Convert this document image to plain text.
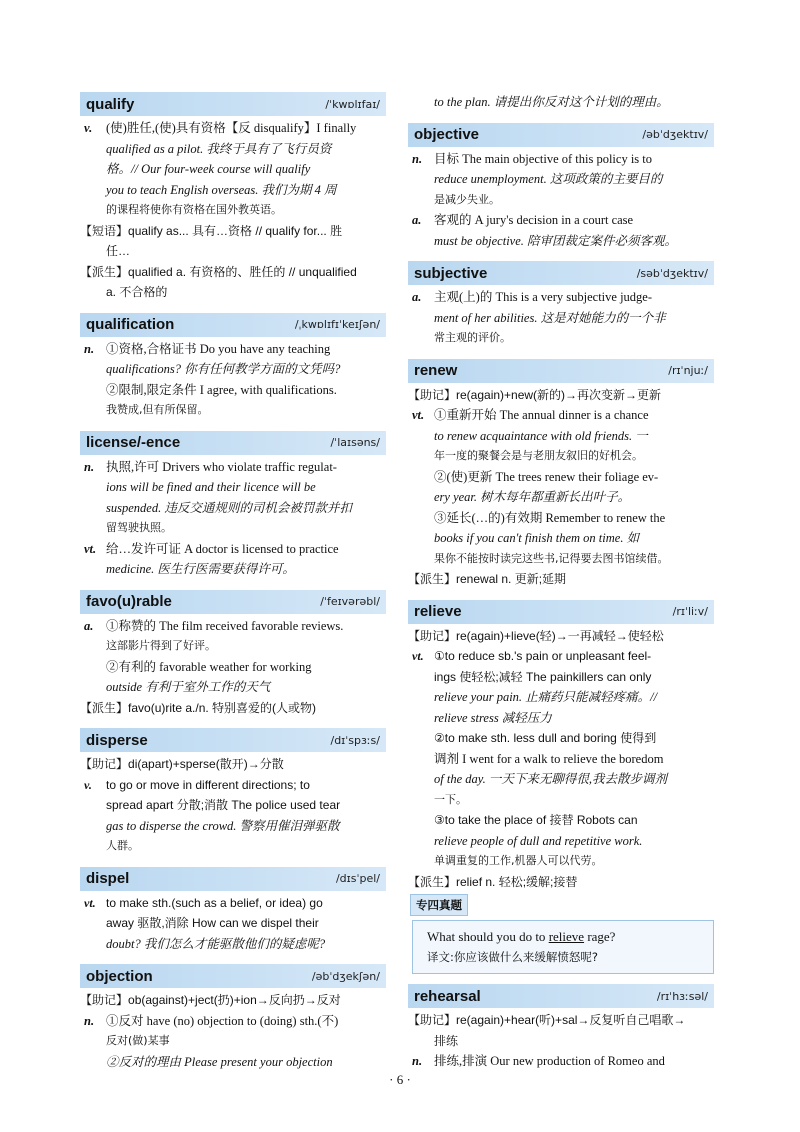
qualify	/ˈkwɒlɪfaɪ/
v. (使)胜任,(使)具有资格【反 disqualify】I finally
qualified as a pilot. 我终于具有了飞行员资
格。// Our four-week course will qualify
you to teach English overseas. 我们为期 4 周
的课程将使你有资格在国外教英语。
【短语】qualify as... 具有…资格 // qualify for... 胜
任…
【派生】qualified a. 有资格的、胜任的 // unqualified
a. 不合格的
qualification	/ˌkwɒlɪfɪˈkeɪʃən/
n. ①资格,合格证书 Do you have any teaching
qualifications? 你有任何教学方面的文凭吗?
②限制,限定条件 I agree, with qualifications.
我赞成,但有所保留。
license/-ence	/ˈlaɪsəns/
n. 执照,许可 Drivers who violate traffic regulat-
ions will be fined and their licence will be
suspended. 违反交通规则的司机会被罚款并扣
留驾驶执照。
vt. 给…发许可证 A doctor is licensed to practice
medicine. 医生行医需要获得许可。
favo(u)rable	/ˈfeɪvərəbl/
a. ①称赞的 The film received favorable reviews.
这部影片得到了好评。
②有利的 favorable weather for working
outside 有利于室外工作的天气
【派生】favo(u)rite a./n. 特别喜爱的(人或物)
disperse	/dɪˈspɜːs/
【助记】di(apart)+sperse(散开)→分散
v. to go or move in different directions; to
spread apart 分散;消散 The police used tear
gas to disperse the crowd. 警察用催泪弹驱散
人群。
dispel	/dɪsˈpel/
vt. to make sth.(such as a belief, or idea) go
away 驱散,消除 How can we dispel their
doubt? 我们怎么才能驱散他们的疑虑呢?
objection	/əbˈdʒekʃən/
【助记】ob(against)+ject(扔)+ion→反向扔→反对
n. ①反对 have (no) objection to (doing) sth.(不)
反对(做)某事
②反对的理由 Please present your objection
to the plan. 请提出你反对这个计划的理由。
objective	/əbˈdʒektɪv/
n. 目标 The main objective of this policy is to
reduce unemployment. 这项政策的主要目的
是减少失业。
a. 客观的 A jury's decision in a court case
must be objective. 陪审团裁定案件必须客观。
subjective	/səbˈdʒektɪv/
a. 主观(上)的 This is a very subjective judge-
ment of her abilities. 这是对她能力的一个非
常主观的评价。
renew	/rɪˈnjuː/
【助记】re(again)+new(新的)→再次变新→更新
vt. ①重新开始 The annual dinner is a chance
to renew acquaintance with old friends. 一
年一度的聚餐会是与老朋友叙旧的好机会。
②(使)更新 The trees renew their foliage ev-
ery year. 树木每年都重新长出叶子。
③延长(…的)有效期 Remember to renew the
books if you can't finish them on time. 如
果你不能按时读完这些书,记得要去图书馆续借。
【派生】renewal n. 更新;延期
relieve	/rɪˈliːv/
【助记】re(again)+lieve(轻)→一再减轻→使轻松
vt. ①to reduce sb.'s pain or unpleasant feel-
ings 使轻松;减轻 The painkillers can only
relieve your pain. 止痛药只能减轻疼痛。//
relieve stress 减轻压力
②to make sth. less dull and boring 使得到
调剂 I went for a walk to relieve the boredom
of the day. 一天下来无聊得很,我去散步调剂
一下。
③to take the place of 接替 Robots can
relieve people of dull and repetitive work.
单调重复的工作,机器人可以代劳。
【派生】relief n. 轻松;缓解;接替
专四真题
What should you do to relieve rage?
译文:你应该做什么来缓解愤怒呢?
rehearsal	/rɪˈhɜːsəl/
【助记】re(again)+hear(听)+sal→反复听自己唱歌→
排练
n. 排练,排演 Our new production of Romeo and
· 6 ·
